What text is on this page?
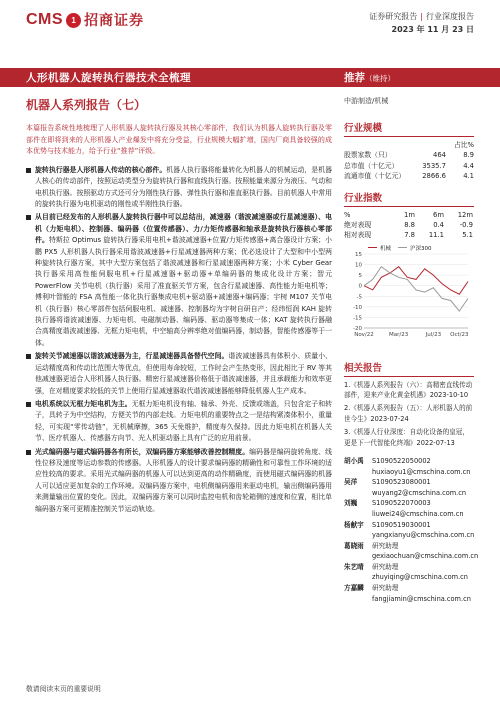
CMS	1 招商证券	证券研究报告 | 行业深度报告
2023 年 11 月 23 日
人形机器人旋转执行器技术全梳理	推荐（维持）
机器人系列报告（七）
本篇报告系统性地梳理了人形机器人旋转执行器及其核心零部件，我们认为机器人旋转执行器及零部件在即将到来的人形机器人产业爆发中将充分受益，行业规模大幅扩增，国内厂商具备较强的成本优势与技术能力，给予行业“推荐”评级。
旋转执行器是人形机器人传动的核心部件。机器人执行器将能量转化为机器人的机械运动，是机器人核心的传动部件，按照运动类型分为旋转执行器和直线执行器。按照能量来源分为液压、气动和电机执行器。按照驱动方式还可分为刚性执行器、弹性执行器和准直驱执行器。目前机器人中常用的旋转执行器为电机驱动的刚性或半刚性执行器。
从目前已经发布的人形机器人旋转执行器中可以总结出，减速器（谐波减速器或行星减速器）、电机（力矩电机）、控制器、编码器（位置传感器）、力/力矩传感器和轴承是旋转执行器核心零部件。特斯拉 Optimus 旋转执行器采用电机+谐波减速器+位置/力矩传感器+离合器设计方案；小鹏 PX5 人形机器人执行器采用谐波减速器+行星减速器两种方案；优必选设计了大型和中小型两种旋转执行器方案，其中大型方案包括了谐波减速器和行星减速器两种方案；小米 Cyber Gear 执行器采用高性能伺服电机+行星减速器+驱动器+单编码器的集成化设计方案；智元 PowerFlow 关节电机（执行器）采用了准直驱关节方案，包含行星减速器、高性能力矩电机等；傅利叶智能的 FSA 高性能一体化执行器集成电机+驱动器+减速器+编码器；宇树 M107 关节电机（执行器）核心零部件包括伺服电机、减速器、控制器均为宇树自研自产；经纬恒润 KAH 旋转执行器将谐波减速器、力矩电机、电磁制动器、编码器、驱动器等集成一体；KAT 旋转执行器融合高精度谐波减速器、无框力矩电机，中空轴高分辨率绝对值编码器，制动器，智能传感器等于一体。
旋转关节减速器以谐波减速器为主，行星减速器具备替代空间。谐波减速器具有体积小、质量小、运动精度高和传动比范围大等优点，但使用寿命较短，工作时会产生热变形，因此相比于 RV 等其他减速器更适合人形机器人执行器。精密行星减速器价格低于谐波减速器，并且承载能力和效率更强，在对精度要求较低的关节上使用行星减速器取代谐波减速器能够降低机器人生产成本。
电机系统以无框力矩电机为主。无框力矩电机没有轴、轴承、外壳、反馈或端盖，只包含定子和转子，具转子为中空结构，方便关节的内部走线。力矩电机的重要特点之一是结构紧凑体积小，重量轻，可实现“零传动链”，无机械摩擦，365 天免维护，精度寿久保持。因此力矩电机在机器人关节、医疗机器人、传感器方向节、光人机驱动器上具有广泛的应用前景。
光式编码器与磁式编码器各有所长，双编码器方案能够改善控制精度。编码器是编码旋转角度、线性位移及速度等运动参数的传感器。人形机器人的设计要求编码器的精确性和可靠性工作环境的适应性较高的要求。采用光式编码器的机器人可以达到更高的动作精确度，而使用磁式编码器的机器人可以适应更加复杂的工作环境。双编码器方案中，电机侧编码器用来驱动电机，输出侧编码器用来测量输出位置的变化。因此，双编码器方案可以同时监控电机和齿轮箱侧的速度和位置，相比单编码器方案可更精准控制关节运动轨迹。
中游制造/机械
行业规模
占比%
股票家数（只）	464	8.9
总市值（十亿元）	3535.7	4.4
流通市值（十亿元）	2866.6	4.1
行业指数
%	1m	6m	12m
绝对表现	8.8	0.4	-0.9
相对表现	7.8	11.1	5.1
-20
-15
-10
-5
0
5
10
15
Nov/22	Mar/23	Jul/23 Oct/23
机械	沪深300
相关报告
1.《机器人系列报告（六）：高精密直线传动部件，迎来产业化黄金机遇》2023-10-10
2.《机器人系列报告（五）：人形机器人的前世今生》2023-07-24
3.《机器人行业深度：自动化设备的皇冠，更是下一代智能化终端》2022-07-13
胡小禹 S1090522050002
huxiaoyu1@cmschina.com.cn
吴洋 S1090523080001
wuyang2@cmschina.com.cn
刘巍 S1090522070003
liuwei24@cmschina.com.cn
杨献宇 S1090519030001
yangxianyu@cmschina.com.cn
葛晓雨 研究助理
gexiaochuan@cmschina.com.cn
朱艺晴 研究助理
zhuyiqing@cmschina.com.cn
方嘉麟 研究助理
fangjiamin@cmschina.com.cn
敬请阅读末页的重要说明
